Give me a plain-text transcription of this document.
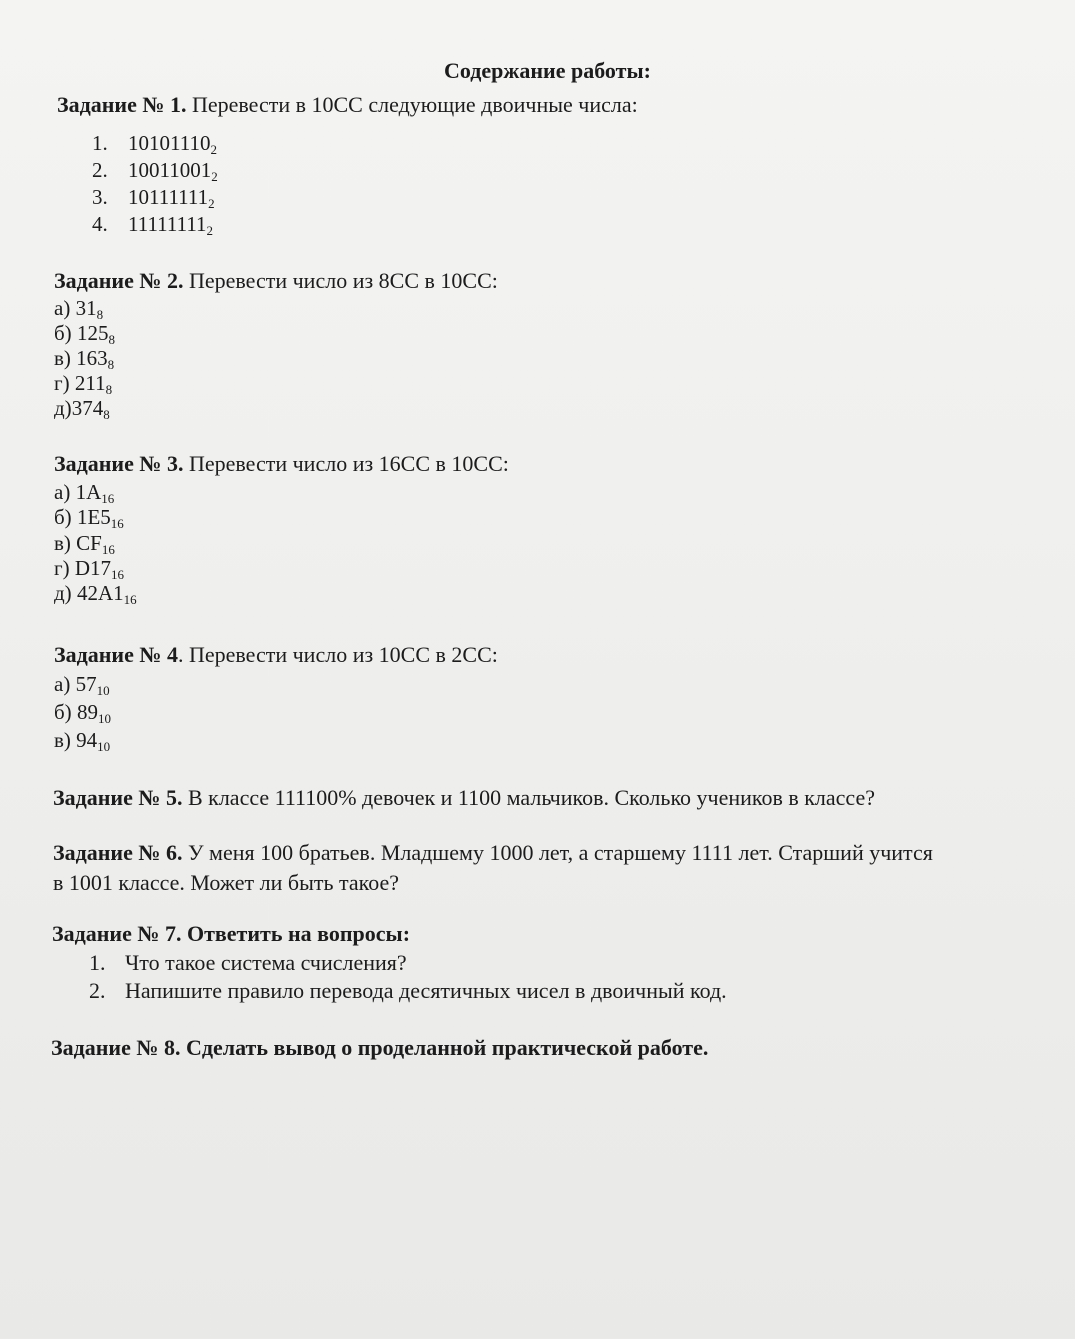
Содержание работы:
Задание № 1. Перевести в 10СС следующие двоичные числа:
1. $10101110_2$
2. $10011001_2$
3. $10111111_2$
4. $11111111_2$
Задание № 2. Перевести число из 8СС в 10СС:
а) $31_8$
б) $125_8$
в) $163_8$
г) $211_8$
$д)374_8$
Задание № 3. Перевести число из 16СС в 10СС:
а) $1А_{16}$
б) $1Е5_{16}$
в) $CF_{16}$
г) $D17_{16}$
д) $42A1_{16}$
Задание № 4. Перевести число из 10СС в 2СС:
а) $57_{10}$
б) $89_{10}$
в) $94_{10}$
Задание № 5. В классе 111100% девочек и 1100 мальчиков. Сколько учеников в классе?
Задание № 6. У меня 100 братьев. Младшему 1000 лет, а старшему 1111 лет. Старший учится
в 1001 классе. Может ли быть такое?
Задание № 7. Ответить на вопросы:
1. Что такое система счисления?
2. Напишите правило перевода десятичных чисел в двоичный код.
Задание № 8. Сделать вывод о проделанной практической работе.
